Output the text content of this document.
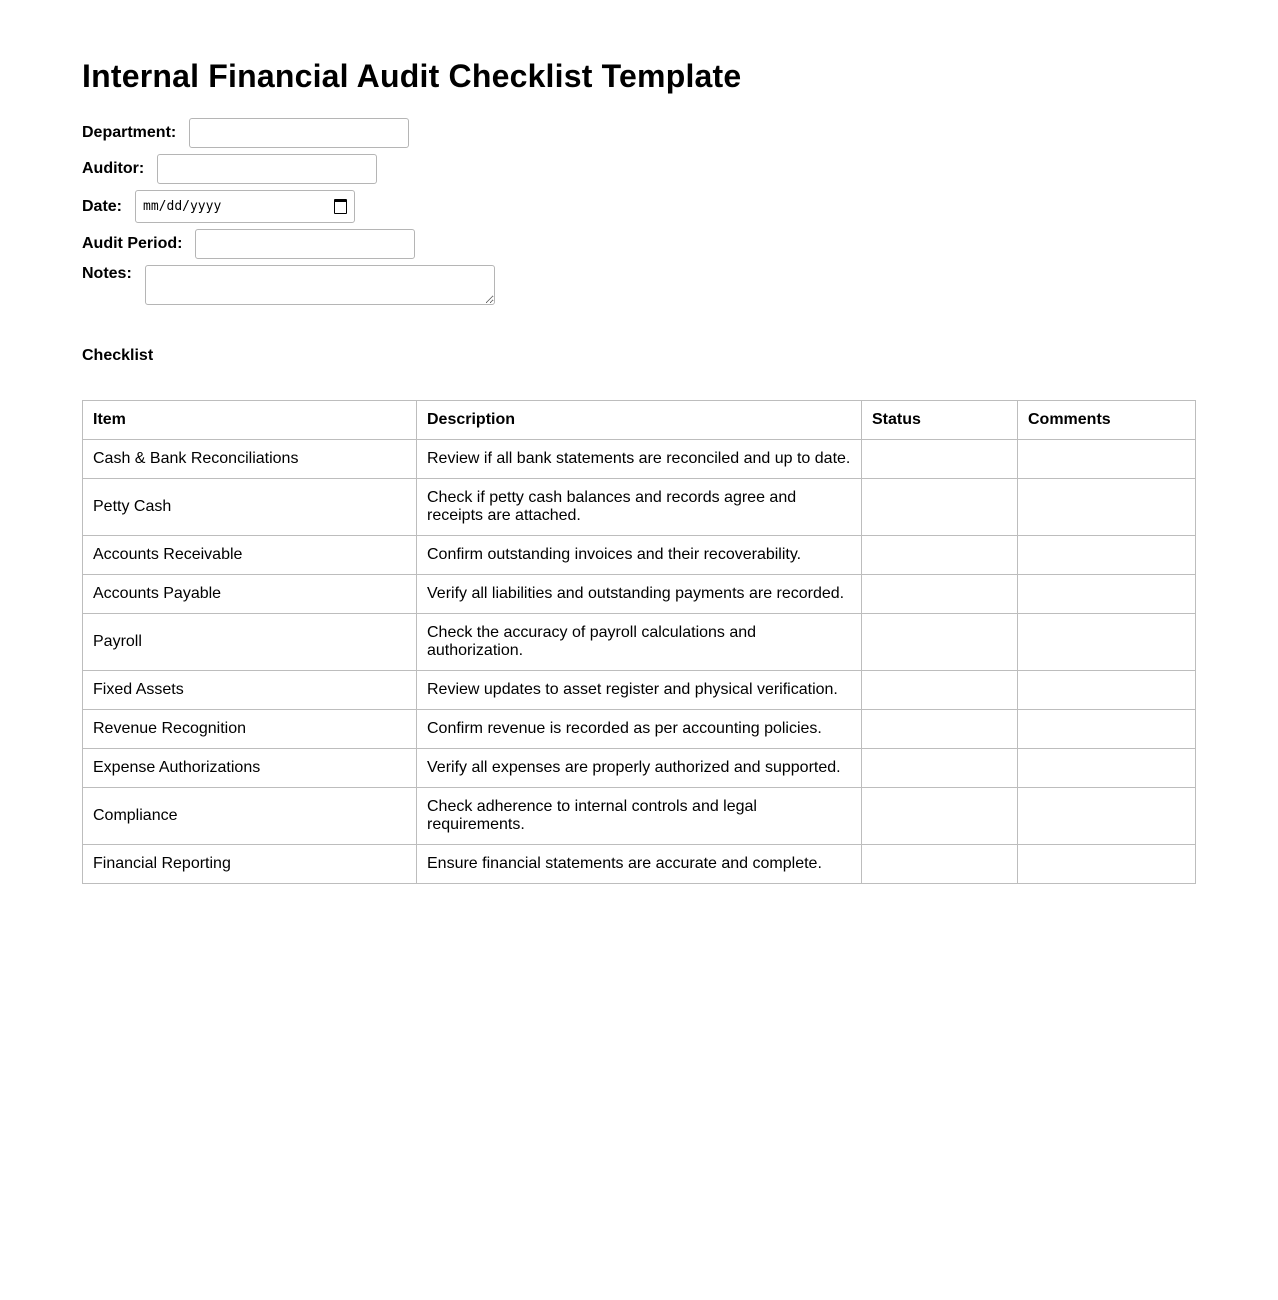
Internal Financial Audit Checklist Template
Department:
Auditor:
Date: mm/dd/yyyy
Audit Period:
Notes:
Checklist
Item	Description	Status	Comments
Cash & Bank Reconciliations	Review if all bank statements are reconciled and up to date.		
Petty Cash	Check if petty cash balances and records agree and receipts are attached.		
Accounts Receivable	Confirm outstanding invoices and their recoverability.		
Accounts Payable	Verify all liabilities and outstanding payments are recorded.		
Payroll	Check the accuracy of payroll calculations and authorization.		
Fixed Assets	Review updates to asset register and physical verification.		
Revenue Recognition	Confirm revenue is recorded as per accounting policies.		
Expense Authorizations	Verify all expenses are properly authorized and supported.		
Compliance	Check adherence to internal controls and legal requirements.		
Financial Reporting	Ensure financial statements are accurate and complete.		
